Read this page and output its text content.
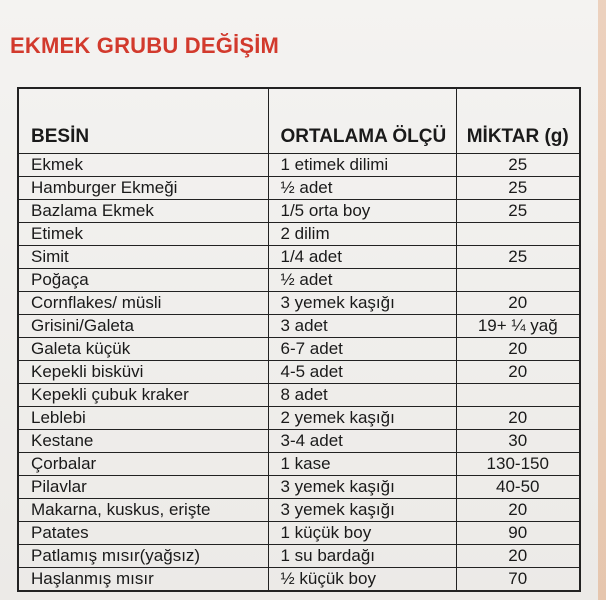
EKMEK GRUBU DEĞİŞİM
BESİN	ORTALAMA ÖLÇÜ	MİKTAR (g)
Ekmek	1 etimek dilimi	25
Hamburger Ekmeği	½ adet	25
Bazlama Ekmek	1/5 orta boy	25
Etimek	2 dilim	
Simit	1/4 adet	25
Poğaça	½ adet	
Cornflakes/ müsli	3 yemek kaşığı	20
Grisini/Galeta	3 adet	19+ ¼ yağ
Galeta küçük	6-7 adet	20
Kepekli bisküvi	4-5 adet	20
Kepekli çubuk kraker	8 adet	
Leblebi	2 yemek kaşığı	20
Kestane	3-4 adet	30
Çorbalar	1 kase	130-150
Pilavlar	3 yemek kaşığı	40-50
Makarna, kuskus, erişte	3 yemek kaşığı	20
Patates	1 küçük boy	90
Patlamış mısır(yağsız)	1 su bardağı	20
Haşlanmış mısır	½ küçük boy	70
